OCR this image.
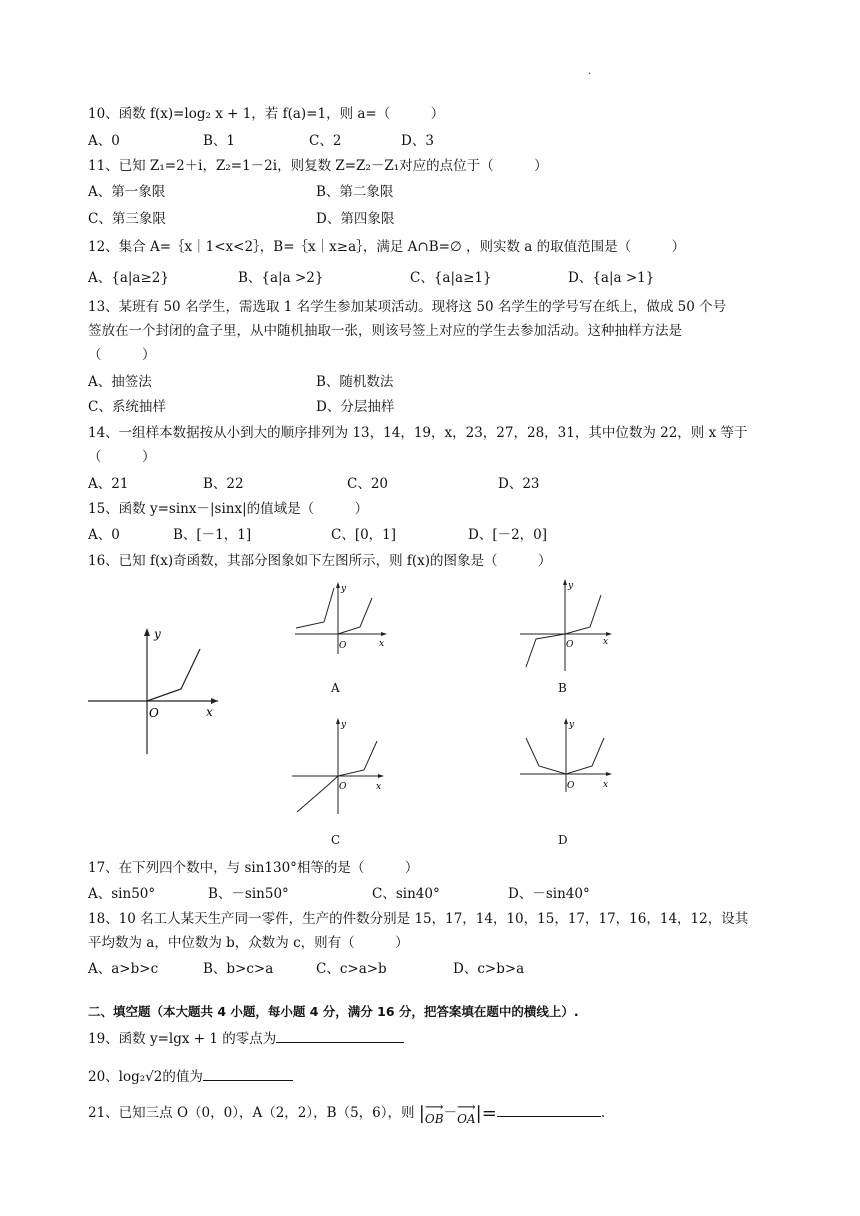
.
10、函数 f(x)=log₂ x + 1，若 f(a)=1，则 a=（　　　）
A、0	B、1	C、2	D、3
11、已知 Z₁=2＋i，Z₂=1－2i，则复数 Z=Z₂－Z₁对应的点位于（　　　）
A、第一象限	B、第二象限
C、第三象限	D、第四象限
12、集合 A=｛x｜1<x<2｝，B=｛x｜x≥a｝，满足 A∩B=∅ ，则实数 a 的取值范围是（　　　）
A、{a|a≥2}	B、{a|a >2}	C、{a|a≥1}	D、{a|a >1}
13、某班有 50 名学生，需选取 1 名学生参加某项活动。现将这 50 名学生的学号写在纸上，做成 50 个号
签放在一个封闭的盒子里，从中随机抽取一张，则该号签上对应的学生去参加活动。这种抽样方法是
（　　　）
A、抽签法	B、随机数法
C、系统抽样	D、分层抽样
14、一组样本数据按从小到大的顺序排列为 13，14，19，x，23，27，28，31，其中位数为 22，则 x 等于
（　　　）
A、21	B、22	C、20	D、23
15、函数 y=sinx－|sinx|的值域是（　　　）
A、0	B、[－1，1]	C、[0，1]	D、[－2，0]
16、已知 f(x)奇函数，其部分图象如下左图所示，则 f(x)的图象是（　　　）
y
x
O
y
x
O
A
y
x
O
B
y
x
O
C
y
x
O
D
17、在下列四个数中，与 sin130°相等的是（　　　）
A、sin50°	B、－sin50°	C、sin40°	D、－sin40°
18、10 名工人某天生产同一零件，生产的件数分别是 15，17，14，10，15，17，17，16，14，12，设其
平均数为 a，中位数为 b，众数为 c，则有（　　　）
A、a>b>c	B、b>c>a	C、c>a>b	D、c>b>a
二、填空题（本大题共 4 小题，每小题 4 分，满分 16 分，把答案填在题中的横线上）.
19、函数 y=lgx + 1 的零点为
20、log₂√2的值为
21、已知三点 O（0，0），A（2，2），B（5，6），则 | ⟶
OB－ ⟶
OA|=	.
